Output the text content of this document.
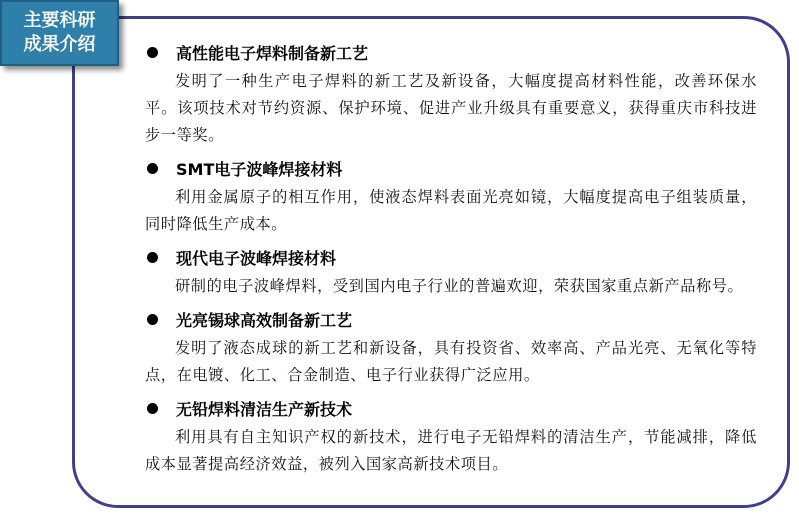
主要科研
成果介绍	高性能电子焊料制备新工艺
发明了一种生产电子焊料的新工艺及新设备，大幅度提高材料性能，改善环保水平。该项技术对节约资源、保护环境、促进产业升级具有重要意义，获得重庆市科技进步一等奖。
SMT电子波峰焊接材料
利用金属原子的相互作用，使液态焊料表面光亮如镜，大幅度提高电子组装质量，同时降低生产成本。
现代电子波峰焊接材料
研制的电子波峰焊料，受到国内电子行业的普遍欢迎，荣获国家重点新产品称号。
光亮锡球高效制备新工艺
发明了液态成球的新工艺和新设备，具有投资省、效率高、产品光亮、无氧化等特点，在电镀、化工、合金制造、电子行业获得广泛应用。
无铅焊料清洁生产新技术
利用具有自主知识产权的新技术，进行电子无铅焊料的清洁生产，节能减排，降低成本显著提高经济效益，被列入国家高新技术项目。
